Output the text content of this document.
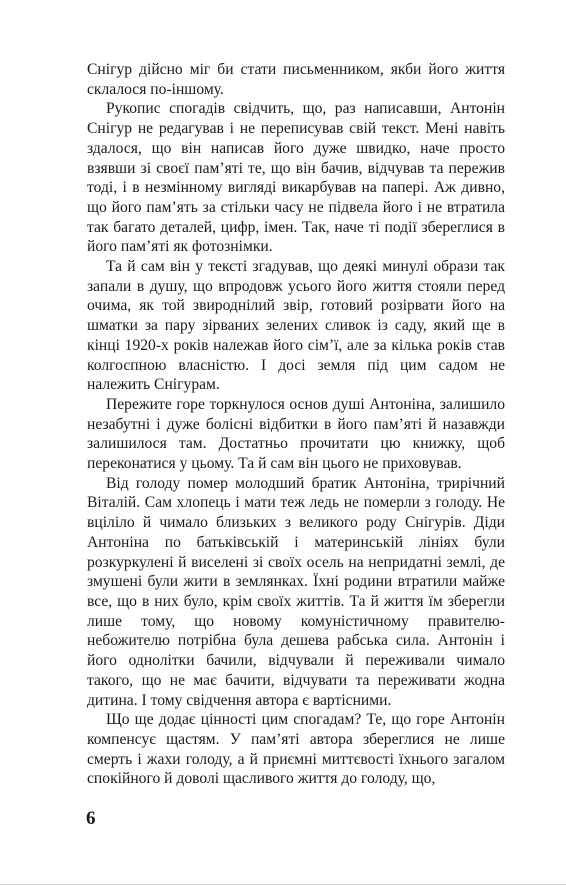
Снігур дійсно міг би стати письменником, якби його життя склалося по-іншому.

Рукопис спогадів свідчить, що, раз написавши, Антонін Снігур не редагував і не переписував свій текст. Мені навіть здалося, що він написав його дуже швидко, наче просто взявши зі своєї пам’яті те, що він бачив, відчував та пережив тоді, і в незмінному вигляді викарбував на папері. Аж дивно, що його пам’ять за стільки часу не підвела його і не втратила так багато деталей, цифр, імен. Так, наче ті події збереглися в його пам’яті як фотознімки.

Та й сам він у тексті згадував, що деякі минулі образи так запали в душу, що впродовж усього його життя стояли перед очима, як той звироднілий звір, готовий розірвати його на шматки за пару зірваних зелених сливок із саду, який ще в кінці 1920-х років належав його сім’ї, але за кілька років став колгоспною власністю. І досі земля під цим садом не належить Снігурам.

Пережите горе торкнулося основ душі Антоніна, залишило незабутні і дуже болісні відбитки в його пам’яті й назавжди залишилося там. Достатньо прочитати цю книжку, щоб переконатися у цьому. Та й сам він цього не приховував.

Від голоду помер молодший братик Антоніна, трирічний Віталій. Сам хлопець і мати теж ледь не померли з голоду. Не вціліло й чимало близьких з великого роду Снігурів. Діди Антоніна по батьківській і материнській лініях були розкуркулені й виселені зі своїх осель на непридатні землі, де змушені були жити в землянках. Їхні родини втратили майже все, що в них було, крім своїх життів. Та й життя їм зберегли лише тому, що новому комуністичному правителю-небожителю потрібна була дешева рабська сила. Антонін і його однолітки бачили, відчували й переживали чимало такого, що не має бачити, відчувати та переживати жодна дитина. І тому свідчення автора є вартісними.

Що ще додає цінності цим спогадам? Те, що горе Антонін компенсує щастям. У пам’яті автора збереглися не лише смерть і жахи голоду, а й приємні миттєвості їхнього загалом спокійного й доволі щасливого життя до голоду, що,

6
